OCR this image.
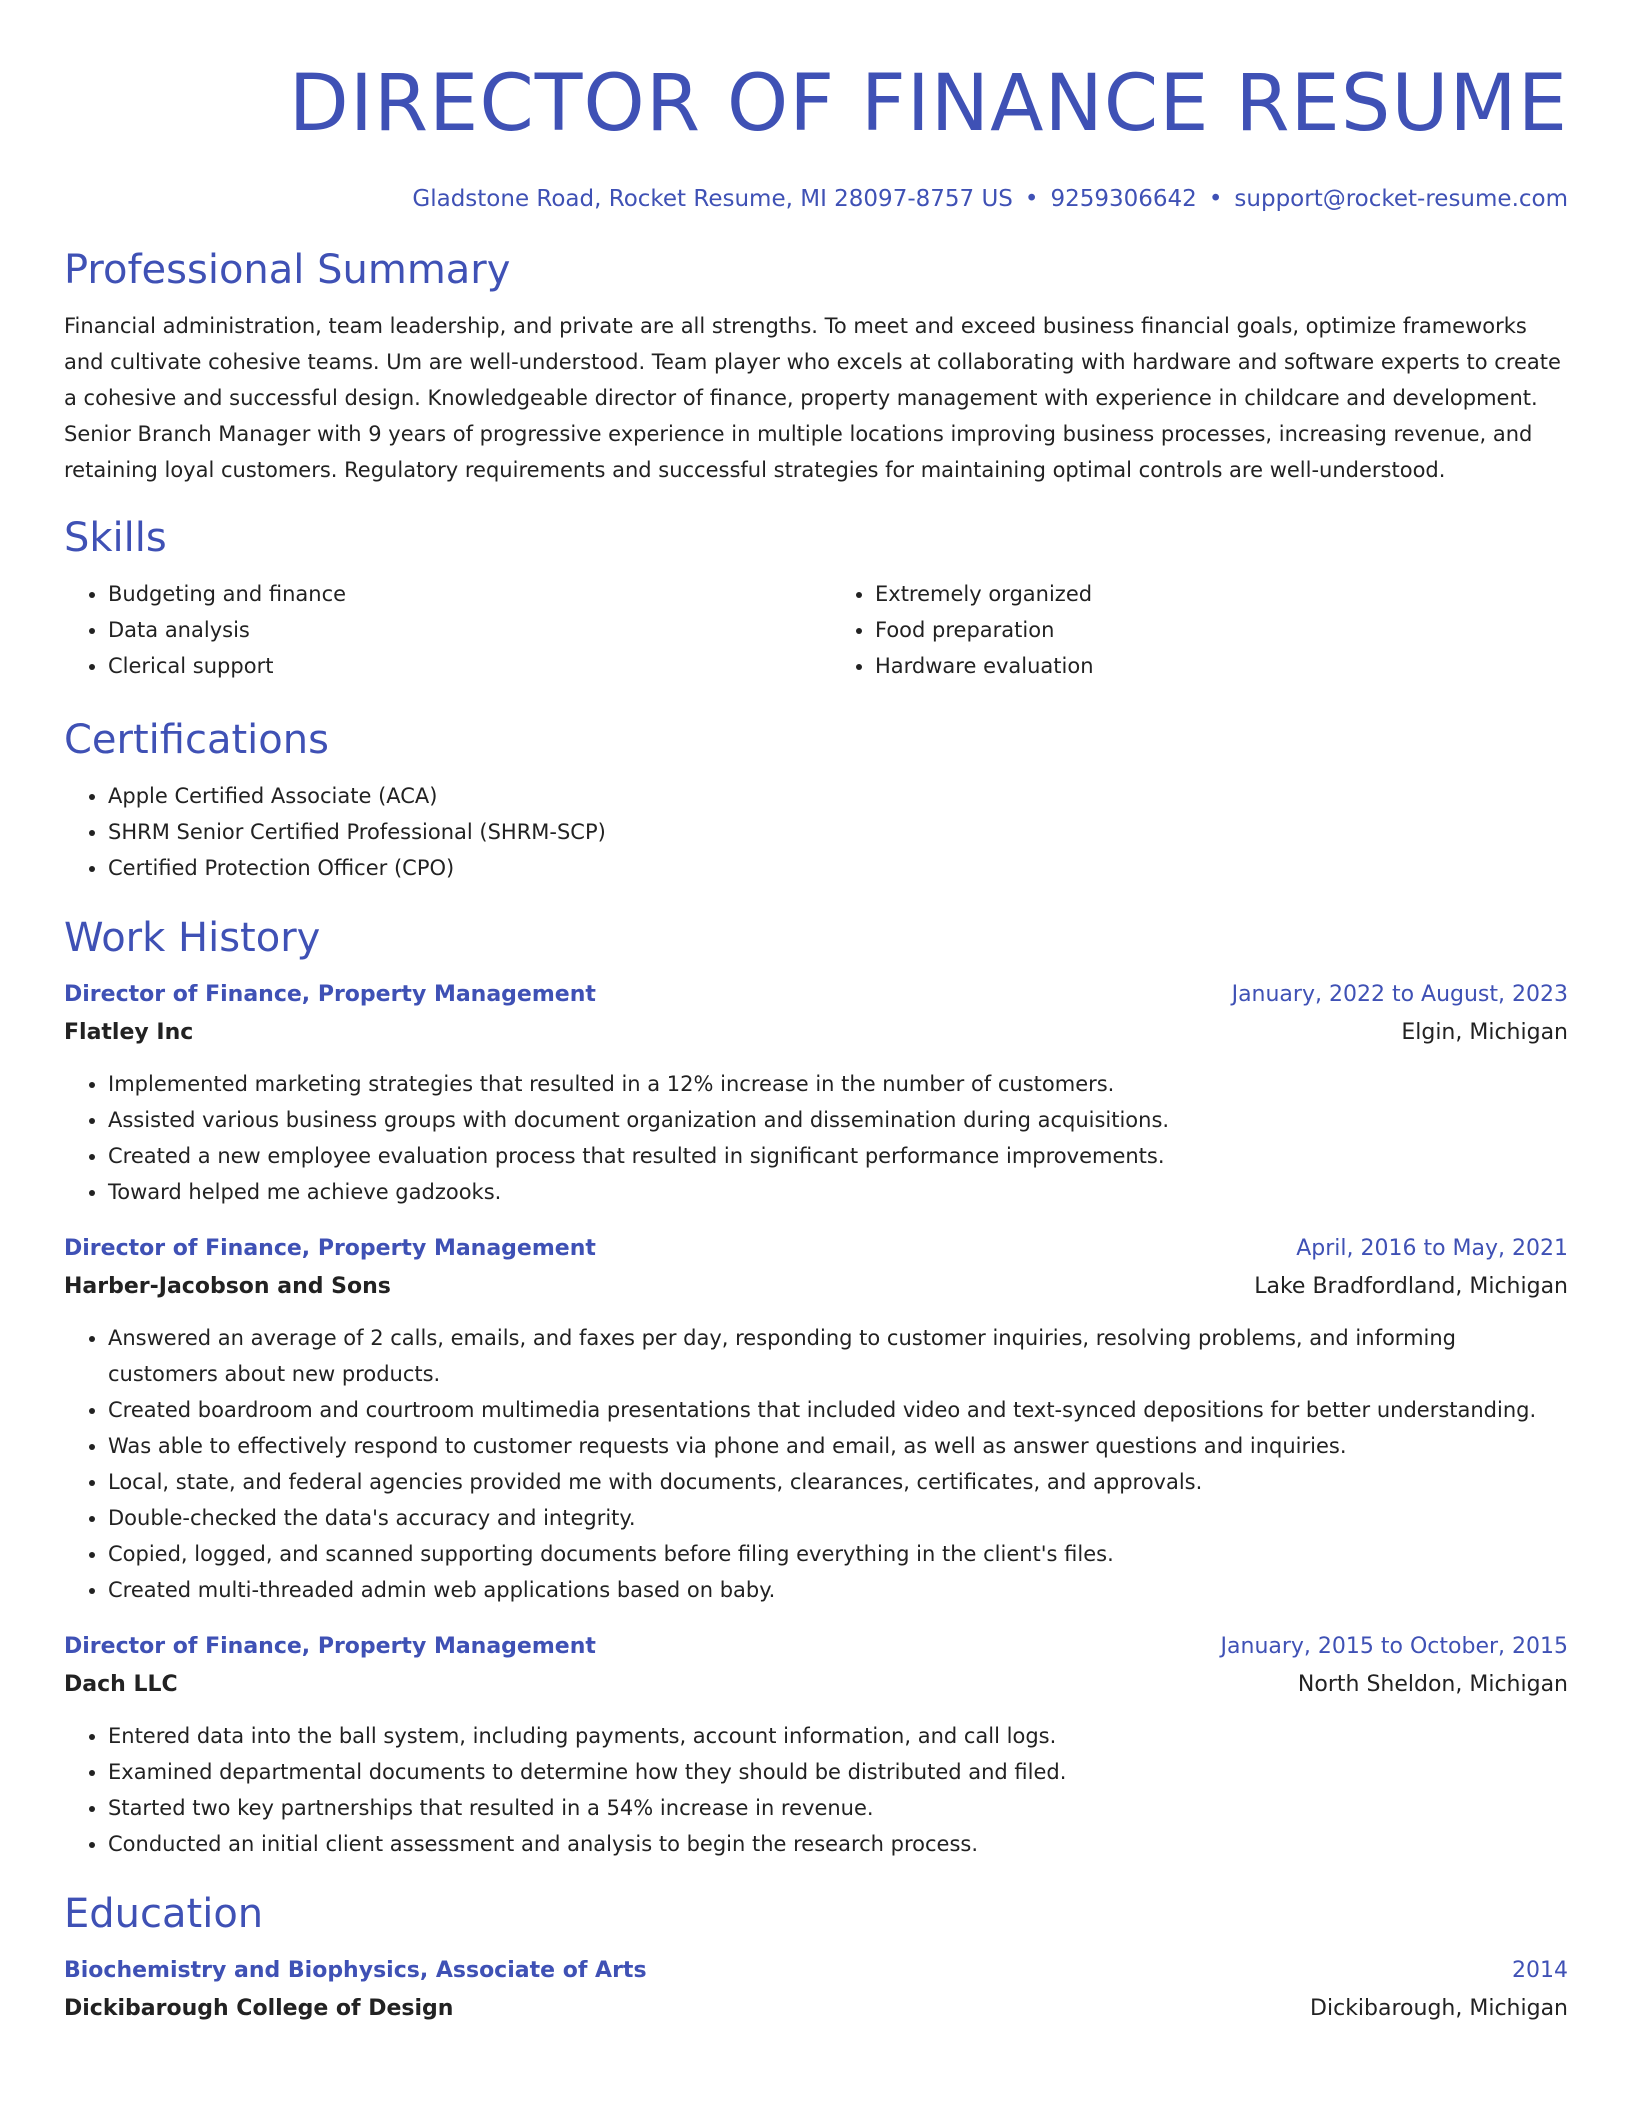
DIRECTOR OF FINANCE RESUME
Gladstone Road, Rocket Resume, MI 28097-8757 US • 9259306642 • support@rocket-resume.com
Professional Summary

Financial administration, team leadership, and private are all strengths. To meet and exceed business financial goals, optimize frameworks and cultivate cohesive teams. Um are well-understood. Team player who excels at collaborating with hardware and software experts to create a cohesive and successful design. Knowledgeable director of finance, property management with experience in childcare and development. Senior Branch Manager with 9 years of progressive experience in multiple locations improving business processes, increasing revenue, and retaining loyal customers. Regulatory requirements and successful strategies for maintaining optimal controls are well-understood.

Skills
• Budgeting and finance
• Data analysis
• Clerical support
• Extremely organized
• Food preparation
• Hardware evaluation
Certifications
• Apple Certified Associate (ACA)
• SHRM Senior Certified Professional (SHRM-SCP)
• Certified Protection Officer (CPO)
Work History
Director of Finance, Property Management	January, 2022 to August, 2023
Flatley Inc	Elgin, Michigan
• Implemented marketing strategies that resulted in a 12% increase in the number of customers.
• Assisted various business groups with document organization and dissemination during acquisitions.
• Created a new employee evaluation process that resulted in significant performance improvements.
• Toward helped me achieve gadzooks.
Director of Finance, Property Management	April, 2016 to May, 2021
Harber-Jacobson and Sons	Lake Bradfordland, Michigan
• Answered an average of 2 calls, emails, and faxes per day, responding to customer inquiries, resolving problems, and informing customers about new products.
• Created boardroom and courtroom multimedia presentations that included video and text-synced depositions for better understanding.
• Was able to effectively respond to customer requests via phone and email, as well as answer questions and inquiries.
• Local, state, and federal agencies provided me with documents, clearances, certificates, and approvals.
• Double-checked the data's accuracy and integrity.
• Copied, logged, and scanned supporting documents before filing everything in the client's files.
• Created multi-threaded admin web applications based on baby.
Director of Finance, Property Management	January, 2015 to October, 2015
Dach LLC	North Sheldon, Michigan
• Entered data into the ball system, including payments, account information, and call logs.
• Examined departmental documents to determine how they should be distributed and filed.
• Started two key partnerships that resulted in a 54% increase in revenue.
• Conducted an initial client assessment and analysis to begin the research process.
Education
Biochemistry and Biophysics, Associate of Arts	2014
Dickibarough College of Design	Dickibarough, Michigan
